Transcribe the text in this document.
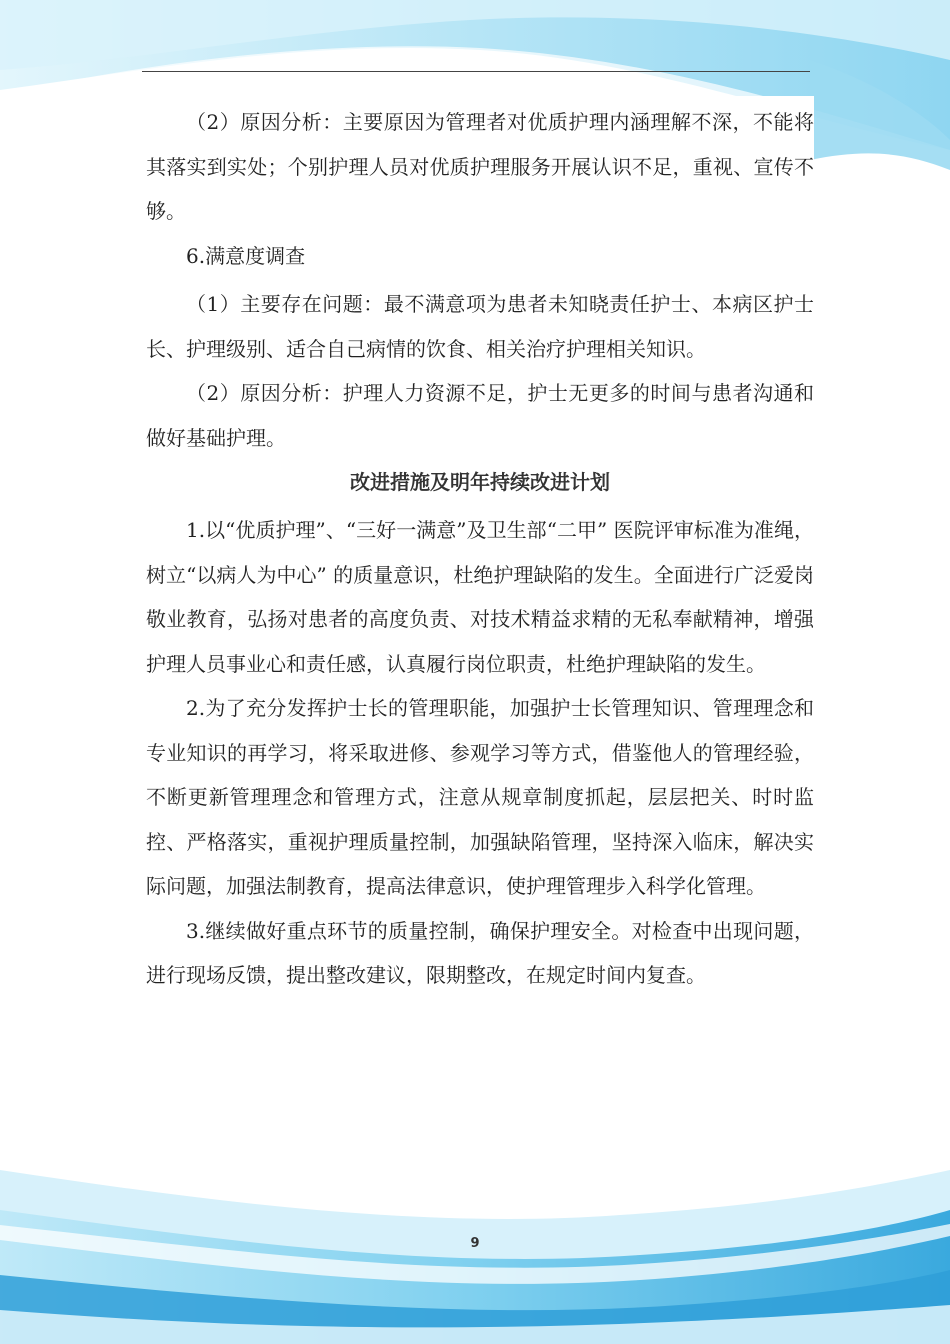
（2）原因分析：主要原因为管理者对优质护理内涵理解不深，不能将其落实到实处；个别护理人员对优质护理服务开展认识不足，重视、宣传不够。

6.满意度调查

（1）主要存在问题：最不满意项为患者未知晓责任护士、本病区护士长、护理级别、适合自己病情的饮食、相关治疗护理相关知识。

（2）原因分析：护理人力资源不足，护士无更多的时间与患者沟通和做好基础护理。

改进措施及明年持续改进计划

1.以“优质护理”、“三好一满意”及卫生部“二甲” 医院评审标准为准绳，树立“以病人为中心” 的质量意识，杜绝护理缺陷的发生。全面进行广泛爱岗敬业教育，弘扬对患者的高度负责、对技术精益求精的无私奉献精神，增强护理人员事业心和责任感，认真履行岗位职责，杜绝护理缺陷的发生。

2.为了充分发挥护士长的管理职能，加强护士长管理知识、管理理念和专业知识的再学习，将采取进修、参观学习等方式，借鉴他人的管理经验，不断更新管理理念和管理方式，注意从规章制度抓起，层层把关、时时监控、严格落实，重视护理质量控制，加强缺陷管理，坚持深入临床，解决实际问题，加强法制教育，提高法律意识，使护理管理步入科学化管理。

3.继续做好重点环节的质量控制，确保护理安全。对检查中出现问题，进行现场反馈，提出整改建议，限期整改，在规定时间内复查。

9
